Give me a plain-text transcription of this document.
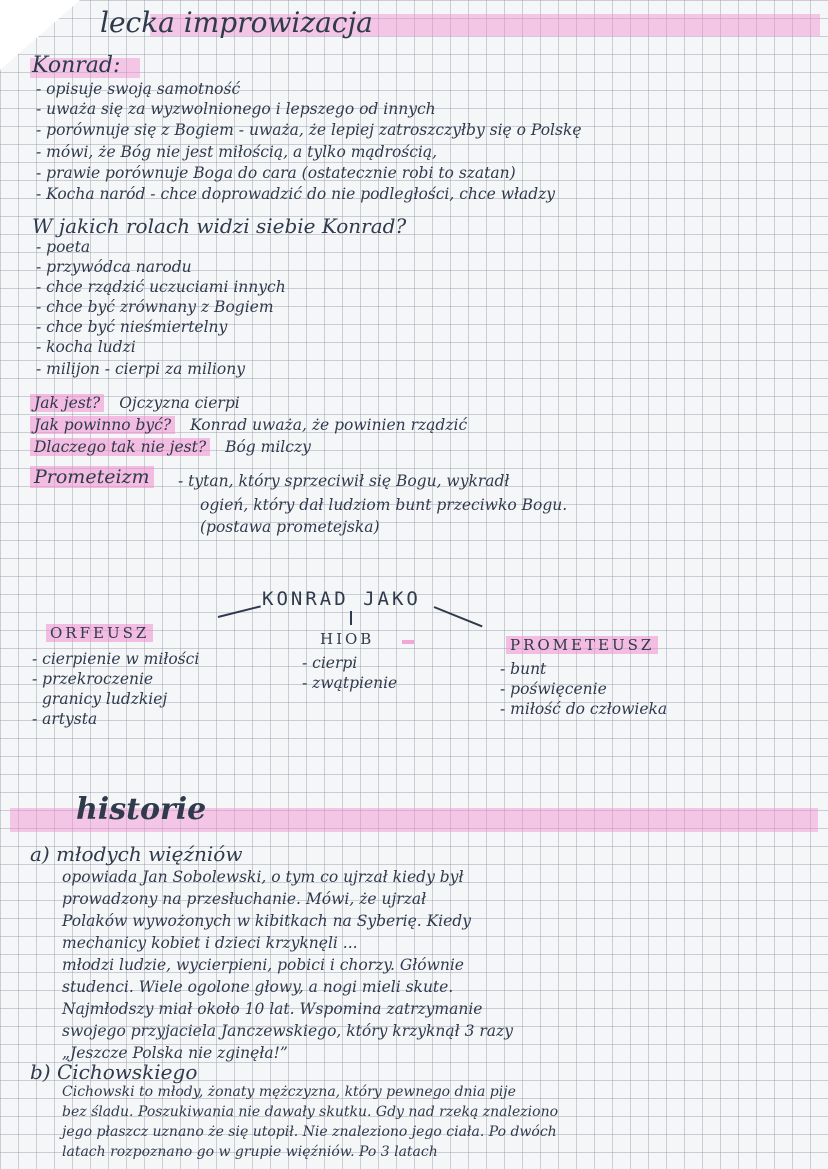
lecka improwizacja
Konrad:
- opisuje swoją samotność
- uważa się za wyzwolnionego i lepszego od innych
- porównuje się z Bogiem - uważa, że lepiej zatroszczyłby się o Polskę
- mówi, że Bóg nie jest miłością, a tylko mądrością,
- prawie porównuje Boga do cara (ostatecznie robi to szatan)
- Kocha naród - chce doprowadzić do nie podległości, chce władzy
W jakich rolach widzi siebie Konrad?
- poeta
- przywódca narodu
- chce rządzić uczuciami innych
- chce być zrównany z Bogiem
- chce być nieśmiertelny
- kocha ludzi
- milijon - cierpi za miliony
Jak jest? Ojczyzna cierpi
Jak powinno być? Konrad uważa, że powinien rządzić
Dlaczego tak nie jest? Bóg milczy
Prometeizm - tytan, który sprzeciwił się Bogu, wykradł
ogień, który dał ludziom bunt przeciwko Bogu.
(postawa prometejska)
KONRAD JAKO
ORFEUSZ
- cierpienie w miłości
- przekroczenie
granicy ludzkiej
- artysta
HIOB
- cierpi
- zwątpienie
PROMETEUSZ
- bunt
- poświęcenie
- miłość do człowieka
historie
a) młodych więźniów
opowiada Jan Sobolewski, o tym co ujrzał kiedy był
prowadzony na przesłuchanie. Mówi, że ujrzał
Polaków wywożonych w kibitkach na Syberię. Kiedy
mechanicy kobiet i dzieci krzyknęli ...
młodzi ludzie, wycierpieni, pobici i chorzy. Głównie
studenci. Wiele ogolone głowy, a nogi mieli skute.
Najmłodszy miał około 10 lat. Wspomina zatrzymanie
swojego przyjaciela Janczewskiego, który krzyknął 3 razy
„Jeszcze Polska nie zginęła!”
b) Cichowskiego
Cichowski to młody, żonaty mężczyzna, który pewnego dnia pije
bez śladu. Poszukiwania nie dawały skutku. Gdy nad rzeką znaleziono
jego płaszcz uznano że się utopił. Nie znaleziono jego ciała. Po dwóch
latach rozpoznano go w grupie więźniów. Po 3 latach
